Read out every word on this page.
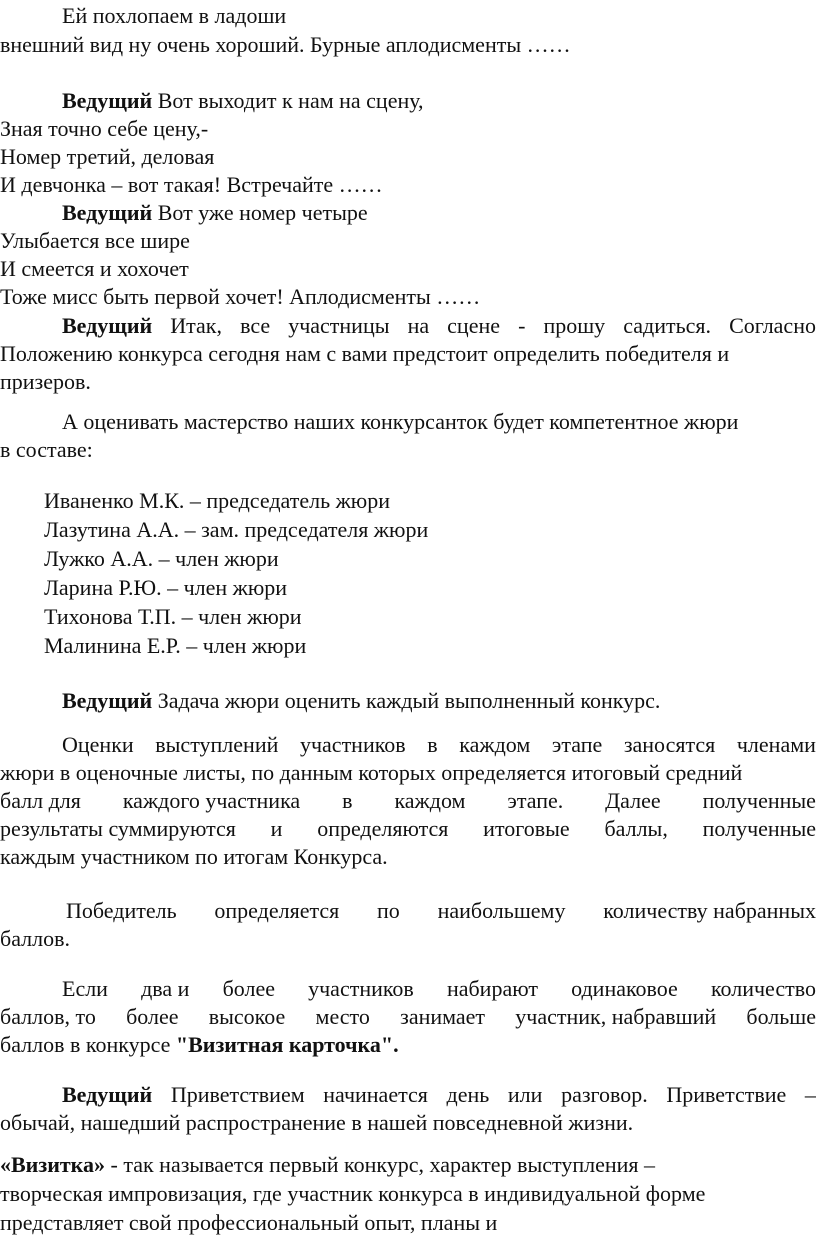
Ей похлопаем в ладоши
внешний вид ну очень хороший. Бурные аплодисменты ……
Ведущий Вот выходит к нам на сцену,
Зная точно себе цену,-
Номер третий, деловая
И девчонка – вот такая! Встречайте ……
Ведущий Вот уже номер четыре
Улыбается все шире
И смеется и хохочет
Тоже мисс быть первой хочет! Аплодисменты ……
Ведущий Итак, все участницы на сцене - прошу садиться. Согласно
Положению конкурса сегодня нам с вами предстоит определить победителя и
призеров.
А оценивать мастерство наших конкурсанток будет компетентное жюри
в составе:
Иваненко М.К. – председатель жюри
Лазутина А.А. – зам. председателя жюри
Лужко А.А. – член жюри
Ларина Р.Ю. – член жюри
Тихонова Т.П. – член жюри
Малинина Е.Р. – член жюри
Ведущий Задача жюри оценить каждый выполненный конкурс.
Оценки выступлений участников в каждом этапе заносятся членами
жюри в оценочные листы, по данным которых определяется итоговый средний
балл для каждого участника в каждом этапе. Далее полученные
результаты суммируются и определяются итоговые баллы, полученные
каждым участником по итогам Конкурса.
Победитель определяется по наибольшему количеству набранных
баллов.
Если два и более участников набирают одинаковое количество
баллов, то более высокое место занимает участник, набравший больше
баллов в конкурсе "Визитная карточка".
Ведущий Приветствием начинается день или разговор. Приветствие –
обычай, нашедший распространение в нашей повседневной жизни.
«Визитка» - так называется первый конкурс, характер выступления –
творческая импровизация, где участник конкурса в индивидуальной форме
представляет свой профессиональный опыт, планы и
